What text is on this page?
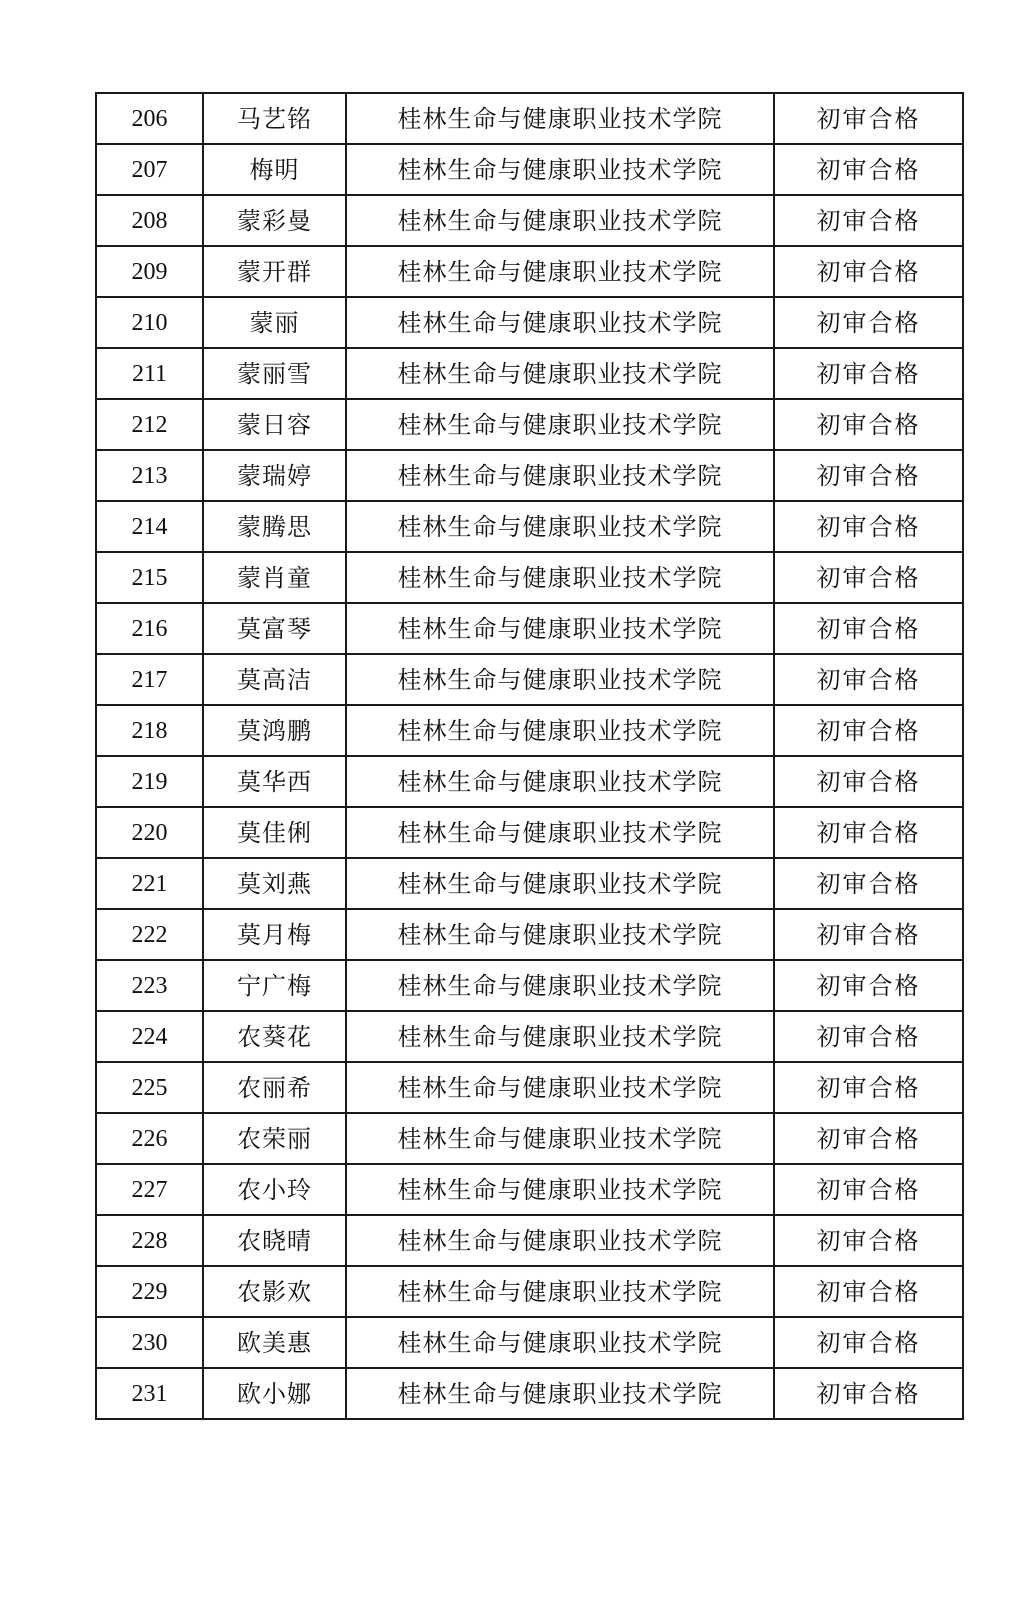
206	马艺铭	桂林生命与健康职业技术学院	初审合格
207	梅明	桂林生命与健康职业技术学院	初审合格
208	蒙彩曼	桂林生命与健康职业技术学院	初审合格
209	蒙开群	桂林生命与健康职业技术学院	初审合格
210	蒙丽	桂林生命与健康职业技术学院	初审合格
211	蒙丽雪	桂林生命与健康职业技术学院	初审合格
212	蒙日容	桂林生命与健康职业技术学院	初审合格
213	蒙瑞婷	桂林生命与健康职业技术学院	初审合格
214	蒙腾思	桂林生命与健康职业技术学院	初审合格
215	蒙肖童	桂林生命与健康职业技术学院	初审合格
216	莫富琴	桂林生命与健康职业技术学院	初审合格
217	莫高洁	桂林生命与健康职业技术学院	初审合格
218	莫鸿鹏	桂林生命与健康职业技术学院	初审合格
219	莫华西	桂林生命与健康职业技术学院	初审合格
220	莫佳俐	桂林生命与健康职业技术学院	初审合格
221	莫刘燕	桂林生命与健康职业技术学院	初审合格
222	莫月梅	桂林生命与健康职业技术学院	初审合格
223	宁广梅	桂林生命与健康职业技术学院	初审合格
224	农葵花	桂林生命与健康职业技术学院	初审合格
225	农丽希	桂林生命与健康职业技术学院	初审合格
226	农荣丽	桂林生命与健康职业技术学院	初审合格
227	农小玲	桂林生命与健康职业技术学院	初审合格
228	农晓晴	桂林生命与健康职业技术学院	初审合格
229	农影欢	桂林生命与健康职业技术学院	初审合格
230	欧美惠	桂林生命与健康职业技术学院	初审合格
231	欧小娜	桂林生命与健康职业技术学院	初审合格
